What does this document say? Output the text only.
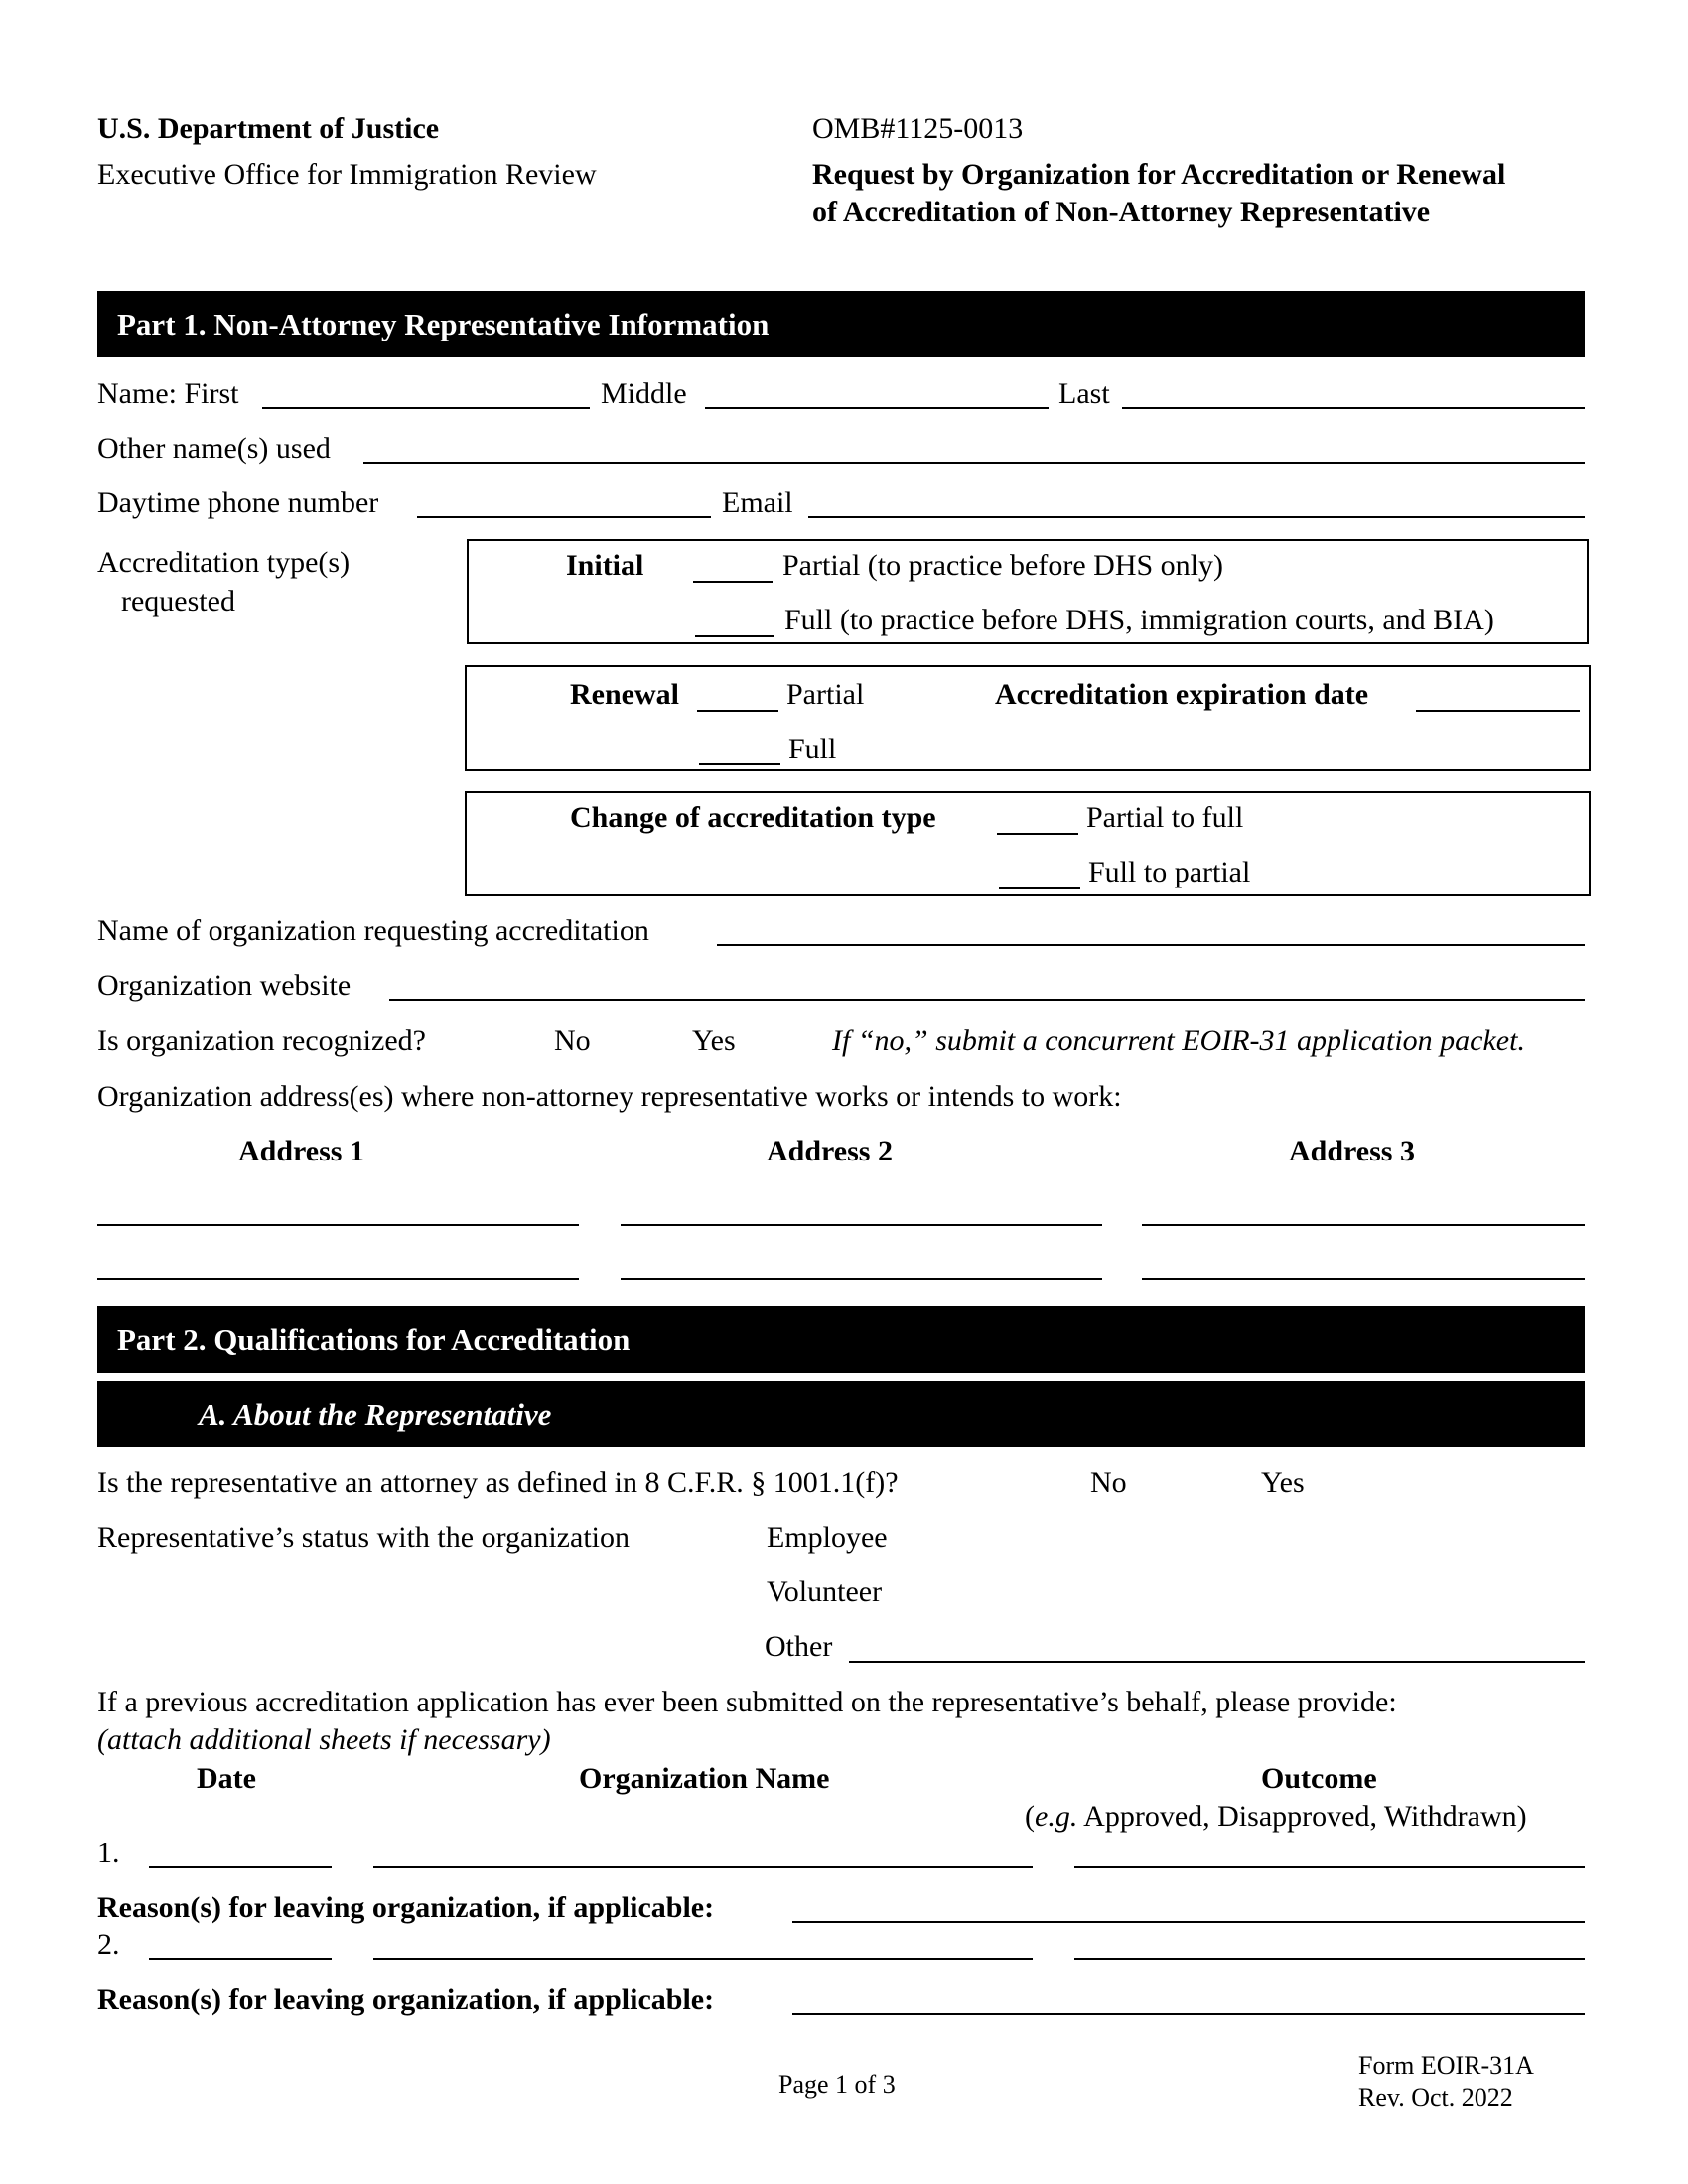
U.S. Department of Justice
Executive Office for Immigration Review
OMB#1125-0013
Request by Organization for Accreditation or Renewal
of Accreditation of Non-Attorney Representative
Part 1. Non-Attorney Representative Information
Name: First	Middle	Last
Other name(s) used
Daytime phone number	Email
Accreditation type(s)
requested
Initial	Partial (to practice before DHS only)
Full (to practice before DHS, immigration courts, and BIA)
Renewal	Partial	Accreditation expiration date
Full
Change of accreditation type	Partial to full
Full to partial
Name of organization requesting accreditation
Organization website
Is organization recognized?	No	Yes	If “no,” submit a concurrent EOIR-31 application packet.
Organization address(es) where non-attorney representative works or intends to work:
Address 1	Address 2	Address 3
Part 2. Qualifications for Accreditation
A. About the Representative
Is the representative an attorney as defined in 8 C.F.R. § 1001.1(f)?	No	Yes
Representative’s status with the organization	Employee
Volunteer
Other
If a previous accreditation application has ever been submitted on the representative’s behalf, please provide:
(attach additional sheets if necessary)
Date	Organization Name	Outcome
(e.g. Approved, Disapproved, Withdrawn)
1.
Reason(s) for leaving organization, if applicable:
2.
Reason(s) for leaving organization, if applicable:
Page 1 of 3
Form EOIR-31A
Rev. Oct. 2022
